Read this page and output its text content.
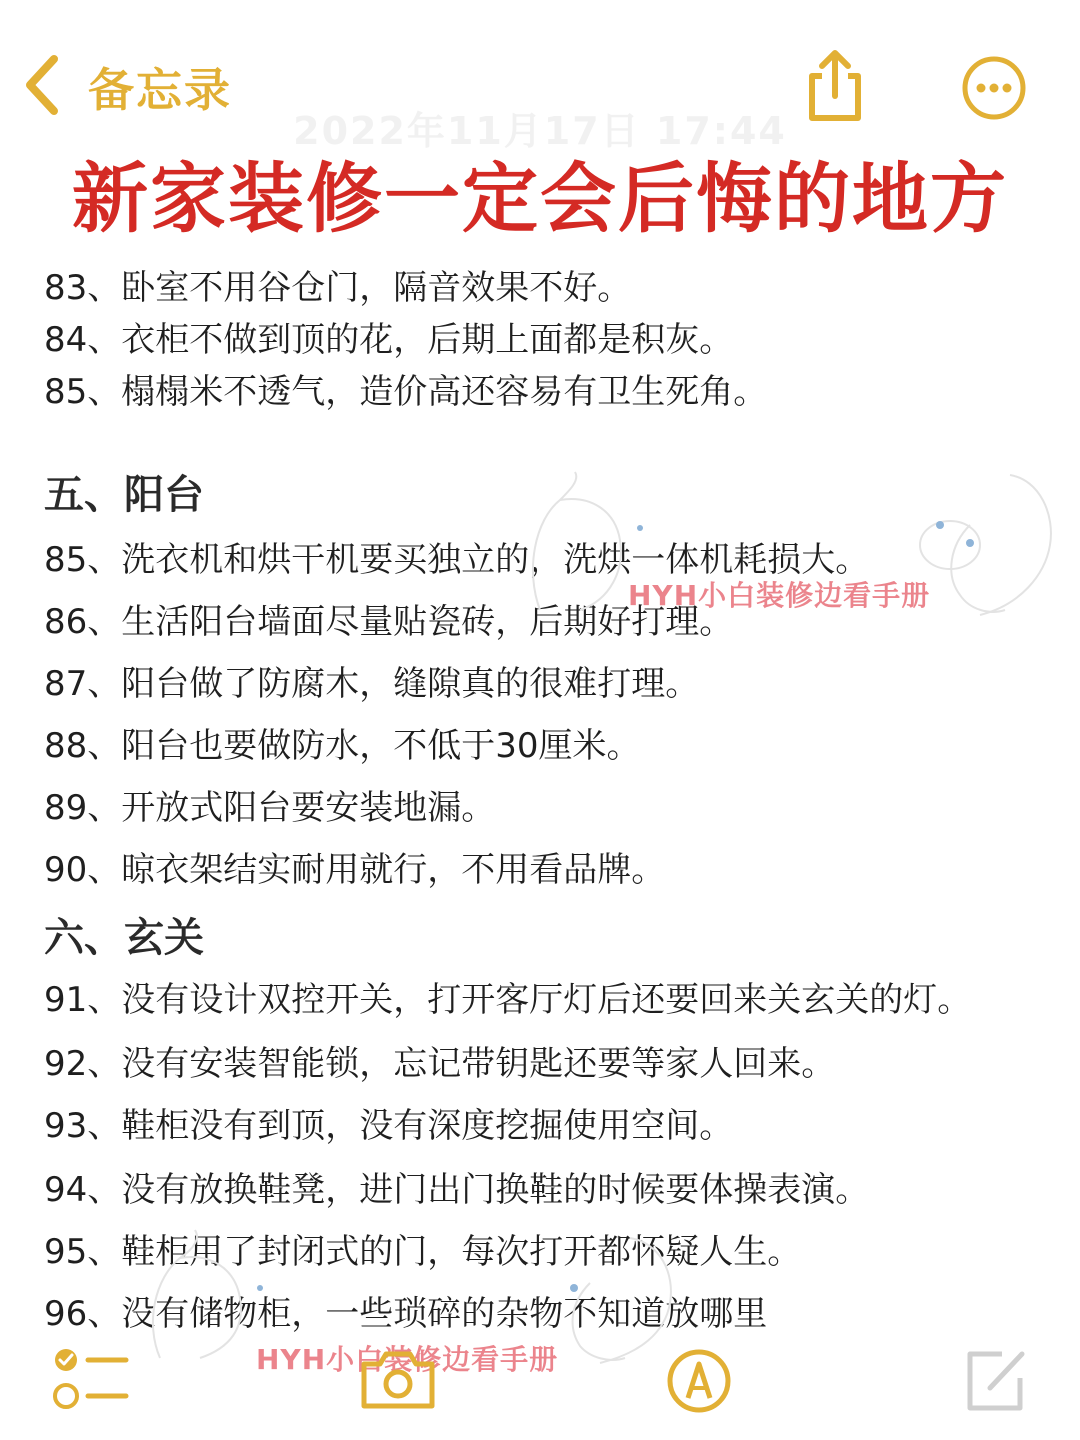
备忘录
2022年11月17日 17:44
新家装修一定会后悔的地方
83、卧室不用谷仓门，隔音效果不好。
84、衣柜不做到顶的花，后期上面都是积灰。
85、榻榻米不透气，造价高还容易有卫生死角。
五、阳台
85、洗衣机和烘干机要买独立的，洗烘一体机耗损大。
86、生活阳台墙面尽量贴瓷砖，后期好打理。
87、阳台做了防腐木，缝隙真的很难打理。
88、阳台也要做防水，不低于30厘米。
89、开放式阳台要安装地漏。
90、晾衣架结实耐用就行，不用看品牌。
六、玄关
91、没有设计双控开关，打开客厅灯后还要回来关玄关的灯。
92、没有安装智能锁，忘记带钥匙还要等家人回来。
93、鞋柜没有到顶，没有深度挖掘使用空间。
94、没有放换鞋凳，进门出门换鞋的时候要体操表演。
95、鞋柜用了封闭式的门，每次打开都怀疑人生。
96、没有储物柜，一些琐碎的杂物不知道放哪里
HYH小白装修边看手册
HYH小白装修边看手册
